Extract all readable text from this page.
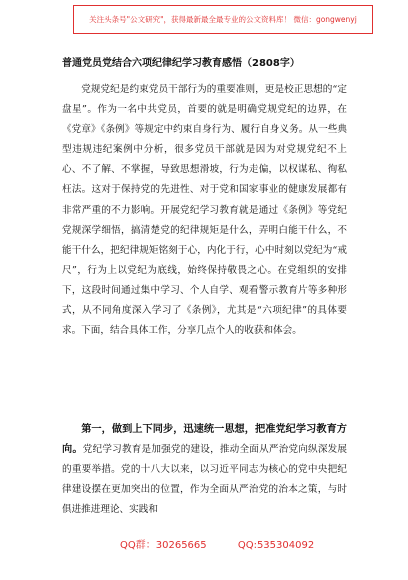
关注头条号"公文研究"，获得最新最全最专业的公文资料库！ 微信：gongwenyj
普通党员党结合六项纪律纪学习教育感悟（2808字）

党规党纪是约束党员干部行为的重要准则，更是校正思想的“定盘星”。作为一名中共党员，首要的就是明确党规党纪的边界，在《党章》《条例》等规定中约束自身行为、履行自身义务。从一些典型违规违纪案例中分析，很多党员干部就是因为对党规党纪不上心、不了解、不掌握，导致思想滑坡，行为走偏，以权谋私、徇私枉法。这对于保持党的先进性、对于党和国家事业的健康发展都有非常严重的不力影响。开展党纪学习教育就是通过《条例》等党纪党规深学细悟，搞清楚党的纪律规矩是什么，弄明白能干什么，不能干什么，把纪律规矩铭刻于心，内化于行，心中时刻以党纪为“戒尺”，行为上以党纪为底线，始终保持敬畏之心。在党组织的安排下，这段时间通过集中学习、个人自学、观看警示教育片等多种形式，从不同角度深入学习了《条例》，尤其是“六项纪律”的具体要求。下面，结合具体工作，分享几点个人的收获和体会。

第一，做到上下同步，迅速统一思想，把准党纪学习教育方向。党纪学习教育是加强党的建设，推动全面从严治党向纵深发展的重要举措。党的十八大以来，以习近平同志为核心的党中央把纪律建设摆在更加突出的位置，作为全面从严治党的治本之策，与时俱进推进理论、实践和

QQ群：30265665	QQ:535304092
